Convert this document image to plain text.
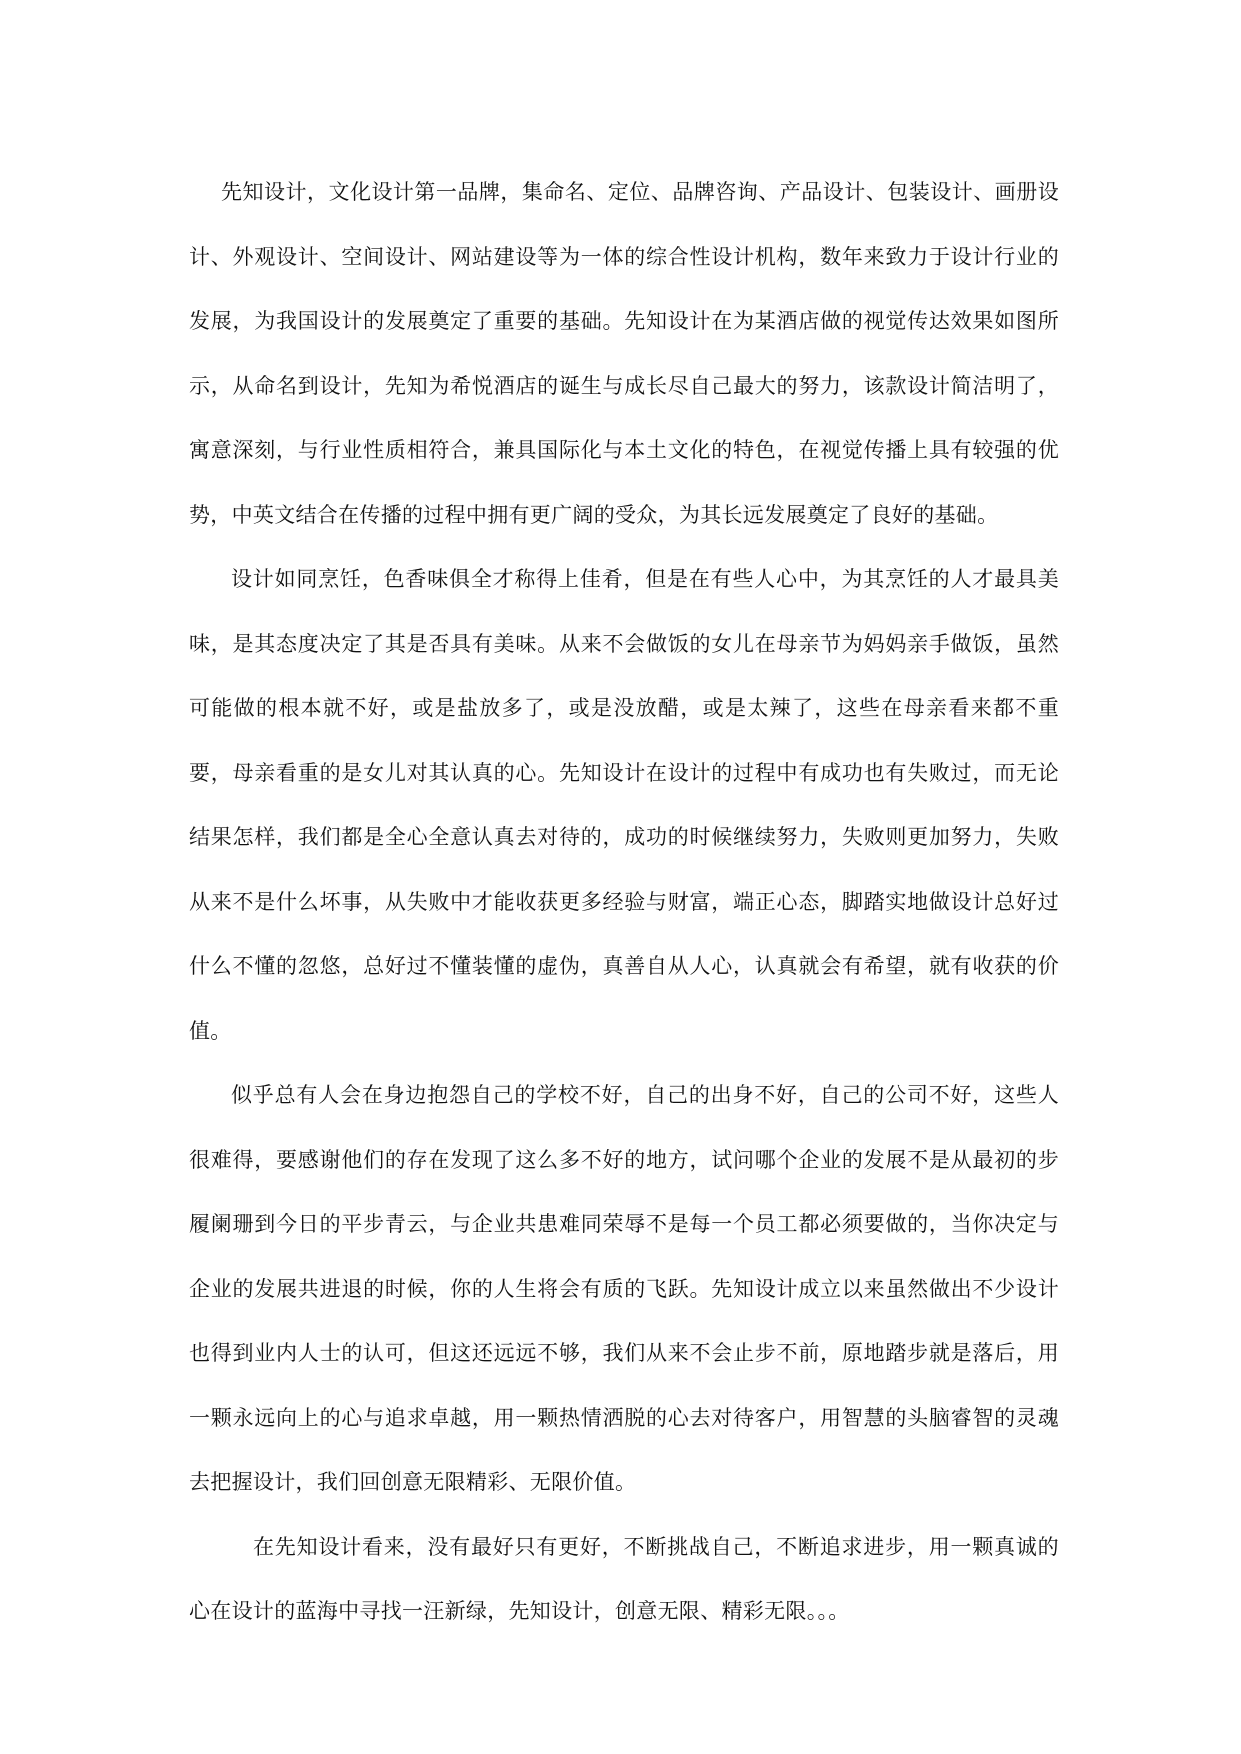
先知设计，文化设计第一品牌，集命名、定位、品牌咨询、产品设计、包装设计、画册设计、外观设计、空间设计、网站建设等为一体的综合性设计机构，数年来致力于设计行业的发展，为我国设计的发展奠定了重要的基础。先知设计在为某酒店做的视觉传达效果如图所示，从命名到设计，先知为希悦酒店的诞生与成长尽自己最大的努力，该款设计简洁明了，寓意深刻，与行业性质相符合，兼具国际化与本土文化的特色，在视觉传播上具有较强的优势，中英文结合在传播的过程中拥有更广阔的受众，为其长远发展奠定了良好的基础。

设计如同烹饪，色香味俱全才称得上佳肴，但是在有些人心中，为其烹饪的人才最具美味，是其态度决定了其是否具有美味。从来不会做饭的女儿在母亲节为妈妈亲手做饭，虽然可能做的根本就不好，或是盐放多了，或是没放醋，或是太辣了，这些在母亲看来都不重要，母亲看重的是女儿对其认真的心。先知设计在设计的过程中有成功也有失败过，而无论结果怎样，我们都是全心全意认真去对待的，成功的时候继续努力，失败则更加努力，失败从来不是什么坏事，从失败中才能收获更多经验与财富，端正心态，脚踏实地做设计总好过什么不懂的忽悠，总好过不懂装懂的虚伪，真善自从人心，认真就会有希望，就有收获的价值。

似乎总有人会在身边抱怨自己的学校不好，自己的出身不好，自己的公司不好，这些人很难得，要感谢他们的存在发现了这么多不好的地方，试问哪个企业的发展不是从最初的步履阑珊到今日的平步青云，与企业共患难同荣辱不是每一个员工都必须要做的，当你决定与企业的发展共进退的时候，你的人生将会有质的飞跃。先知设计成立以来虽然做出不少设计也得到业内人士的认可，但这还远远不够，我们从来不会止步不前，原地踏步就是落后，用一颗永远向上的心与追求卓越，用一颗热情洒脱的心去对待客户，用智慧的头脑睿智的灵魂去把握设计，我们回创意无限精彩、无限价值。

在先知设计看来，没有最好只有更好，不断挑战自己，不断追求进步，用一颗真诚的心在设计的蓝海中寻找一汪新绿，先知设计，创意无限、精彩无限。。。
